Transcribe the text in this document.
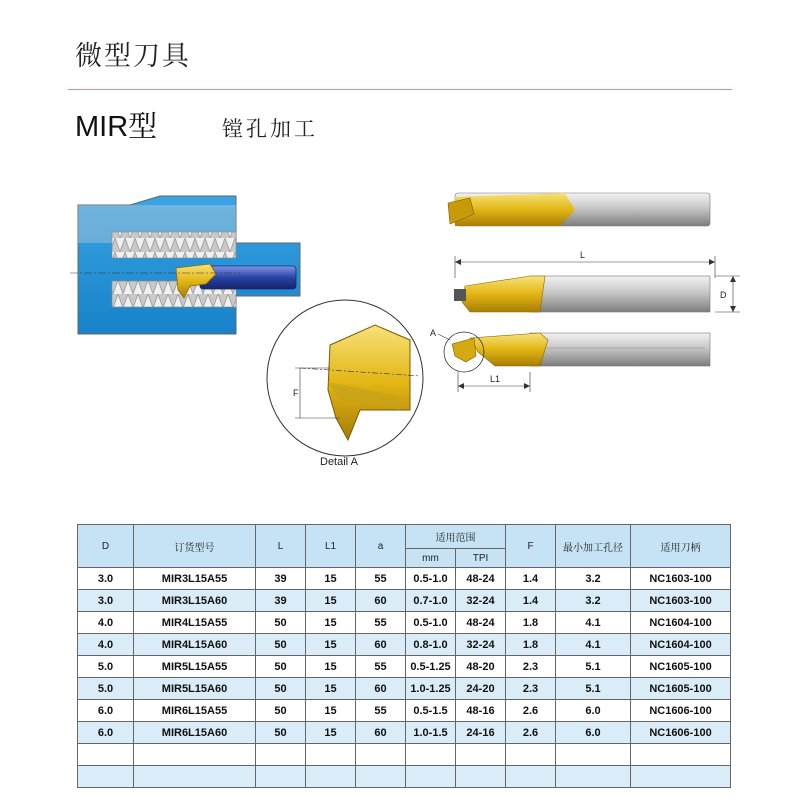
微型刀具
MIR型	镗孔加工
F
Detail A
L
D
A
L1
D	订货型号	L	L1	a	适用范围		F	最小加工孔径	适用刀柄
					mm	TPI			
3.0	MIR3L15A55	39	15	55	0.5-1.0	48-24	1.4	3.2	NC1603-100
3.0	MIR3L15A60	39	15	60	0.7-1.0	32-24	1.4	3.2	NC1603-100
4.0	MIR4L15A55	50	15	55	0.5-1.0	48-24	1.8	4.1	NC1604-100
4.0	MIR4L15A60	50	15	60	0.8-1.0	32-24	1.8	4.1	NC1604-100
5.0	MIR5L15A55	50	15	55	0.5-1.25	48-20	2.3	5.1	NC1605-100
5.0	MIR5L15A60	50	15	60	1.0-1.25	24-20	2.3	5.1	NC1605-100
6.0	MIR6L15A55	50	15	55	0.5-1.5	48-16	2.6	6.0	NC1606-100
6.0	MIR6L15A60	50	15	60	1.0-1.5	24-16	2.6	6.0	NC1606-100
